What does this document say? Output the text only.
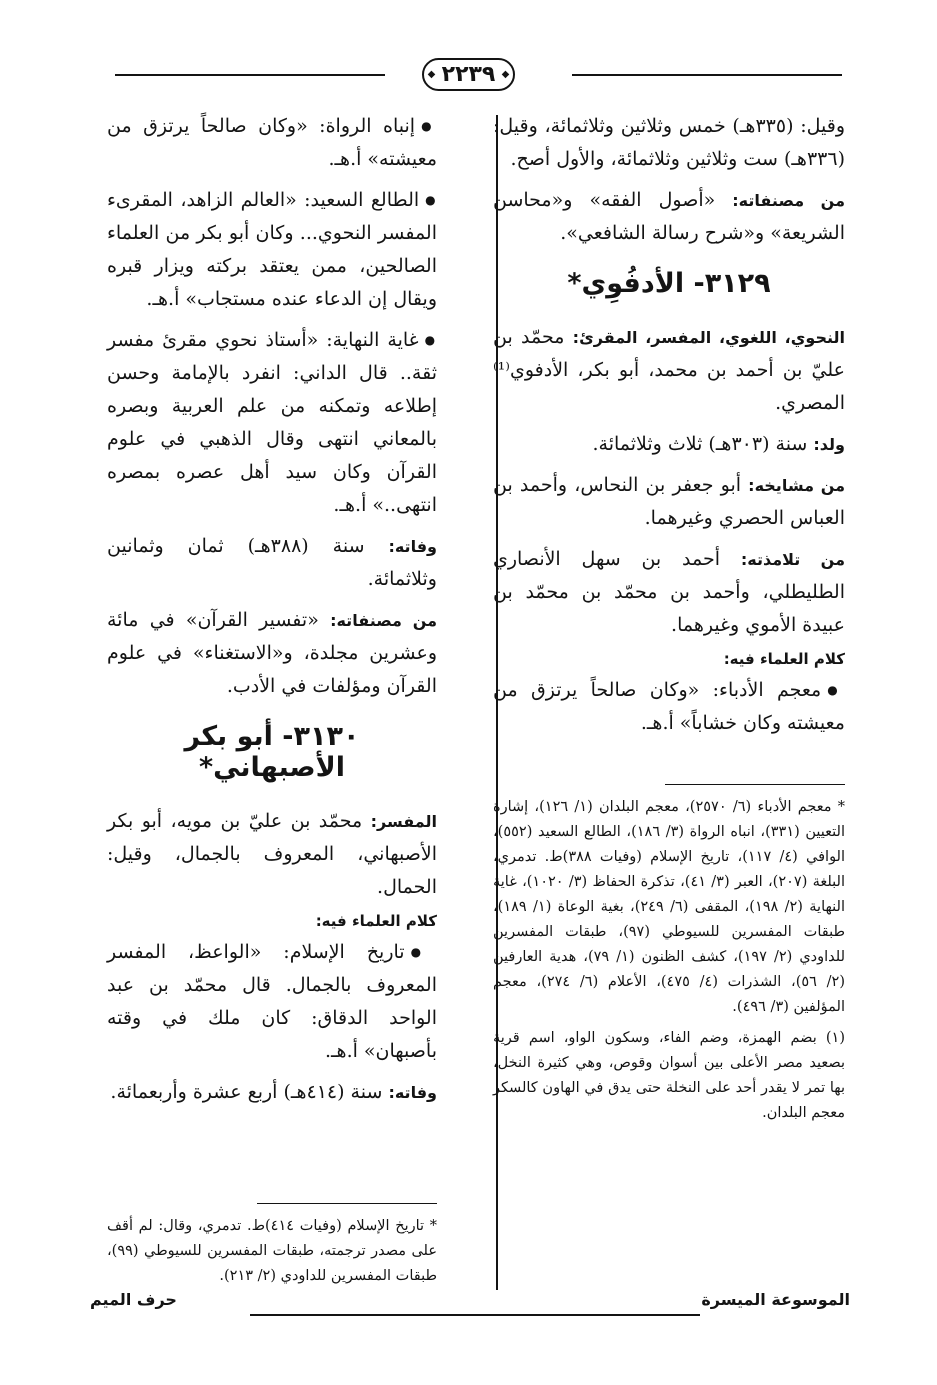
◆ ٢٢٣٩ ◆

وقيل: (٣٣٥هـ) خمس وثلاثين وثلاثمائة، وقيل: (٣٣٦هـ) ست وثلاثين وثلاثمائة، والأول أصح.

من مصنفاته: «أصول الفقه» و«محاسن الشريعة» و«شرح رسالة الشافعي».

٣١٢٩- الأدفُوِي*

النحوي، اللغوي، المفسر، المقرئ: محمّد بن عليّ بن أحمد بن محمد، أبو بكر، الأدفوي⁽¹⁾ المصري.

ولد: سنة (٣٠٣هـ) ثلاث وثلاثمائة.

من مشايخه: أبو جعفر بن النحاس، وأحمد بن العباس الحصري وغيرهما.

من تلامذته: أحمد بن سهل الأنصاري الطليطلي، وأحمد بن محمّد بن محمّد بن عبيدة الأموي وغيرهما.

كلام العلماء فيه:

● معجم الأدباء: «وكان صالحاً يرتزق من معيشته وكان خشاباً» أ.هـ.

* معجم الأدباء (٦/ ٢٥٧٠)، معجم البلدان (١/ ١٢٦)، إشارة التعيين (٣٣١)، انباه الرواة (٣/ ١٨٦)، الطالع السعيد (٥٥٢)، الوافي (٤/ ١١٧)، تاريخ الإسلام (وفيات ٣٨٨)ط. تدمري، البلغة (٢٠٧)، العبر (٣/ ٤١)، تذكرة الحفاظ (٣/ ١٠٢٠)، غاية النهاية (٢/ ١٩٨)، المقفى (٦/ ٢٤٩)، بغية الوعاة (١/ ١٨٩)، طبقات المفسرين للسيوطي (٩٧)، طبقات المفسرين للداودي (٢/ ١٩٧)، كشف الظنون (١/ ٧٩)، هدية العارفين (٢/ ٥٦)، الشذرات (٤/ ٤٧٥)، الأعلام (٦/ ٢٧٤)، معجم المؤلفين (٣/ ٤٩٦).

(١) بضم الهمزة، وضم الفاء، وسكون الواو، اسم قرية بصعيد مصر الأعلى بين أسوان وقوص، وهي كثيرة النخل، بها تمر لا يقدر أحد على النخلة حتى يدق في الهاون كالسكر معجم البلدان.

● إنباه الرواة: «وكان صالحاً يرتزق من معيشته» أ.هـ.

● الطالع السعيد: «العالم الزاهد، المقرىء المفسر النحوي... وكان أبو بكر من العلماء الصالحين، ممن يعتقد بركته ويزار قبره ويقال إن الدعاء عنده مستجاب» أ.هـ.

● غاية النهاية: «أستاذ نحوي مقرئ مفسر ثقة.. قال الداني: انفرد بالإمامة وحسن إطلاعه وتمكنه من علم العربية وبصره بالمعاني انتهى وقال الذهبي في علوم القرآن وكان سيد أهل عصره بمصره انتهى..» أ.هـ.

وفاته: سنة (٣٨٨هـ) ثمان وثمانين وثلاثمائة.

من مصنفاته: «تفسير القرآن» في مائة وعشرين مجلدة، و«الاستغناء» في علوم القرآن ومؤلفات في الأدب.

٣١٣٠- أبو بكر الأصبهاني*

المفسر: محمّد بن عليّ بن مويه، أبو بكر الأصبهاني، المعروف بالجمال، وقيل: الحمال.

كلام العلماء فيه:

● تاريخ الإسلام: «الواعظ، المفسر المعروف بالجمال. قال محمّد بن عبد الواحد الدقاق: كان ملك في وقته بأصبهان» أ.هـ.

وفاته: سنة (٤١٤هـ) أربع عشرة وأربعمائة.

* تاريخ الإسلام (وفيات ٤١٤)ط. تدمري، وقال: لم أقف على مصدر ترجمته، طبقات المفسرين للسيوطي (٩٩)، طبقات المفسرين للداودي (٢/ ٢١٣).

الموسوعة الميسرة
حرف الميم
